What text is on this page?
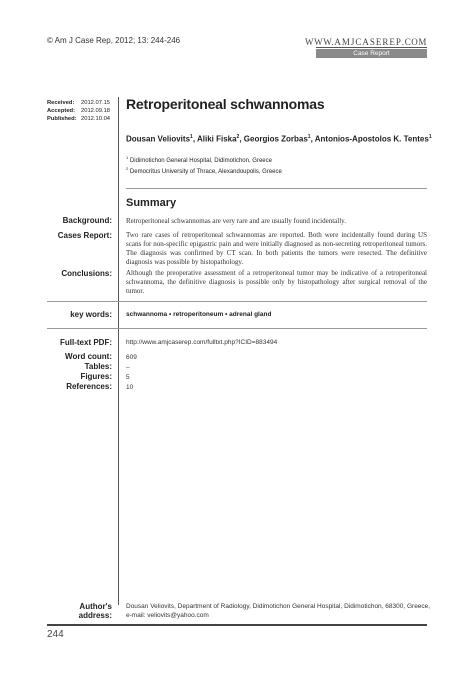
© Am J Case Rep, 2012; 13: 244-246	WWW.AMJCASEREP.COM
Case Report
Received: 2012.07.15
Accepted: 2012.09.18
Published: 2012.10.04
Retroperitoneal schwannomas
Dousan Veliovits$^1$, Aliki Fiska$^2$, Georgios Zorbas$^1$, Antonios-Apostolos K. Tentes$^1$
$^1$ Didimotichon General Hospital, Didimotichon, Greece
$^2$ Democritus University of Thrace, Alexandoupolis, Greece
Summary
Background: Retroperitoneal schwannomas are very rare and are usually found incidentally.
Cases Report: Two rare cases of retroperitoneal schwannomas are reported. Both were incidentally found during US scans for non-specific epigastric pain and were initially diagnosed as non-secreting retroperitoneal tumors. The diagnosis was confirmed by CT scan. In both patients the tumors were resected. The definitive diagnosis was possible by histopathology.
Conclusions: Although the preoperative assessment of a retroperitoneal tumor may be indicative of a retroperitoneal schwannoma, the definitive diagnosis is possible only by histopathology after surgical removal of the tumor.
key words: schwannoma • retroperitoneum • adrenal gland
Full-text PDF: http://www.amjcaserep.com/fulltxt.php?ICID=883494
Word count:
Tables:
Figures:
References:
609
–
5
10
Author's address:
Dousan Veliovits, Department of Radiology, Didimotichon General Hospital, Didimotichon, 68300, Greece,
e-mail: veliovits@yahoo.com
244
